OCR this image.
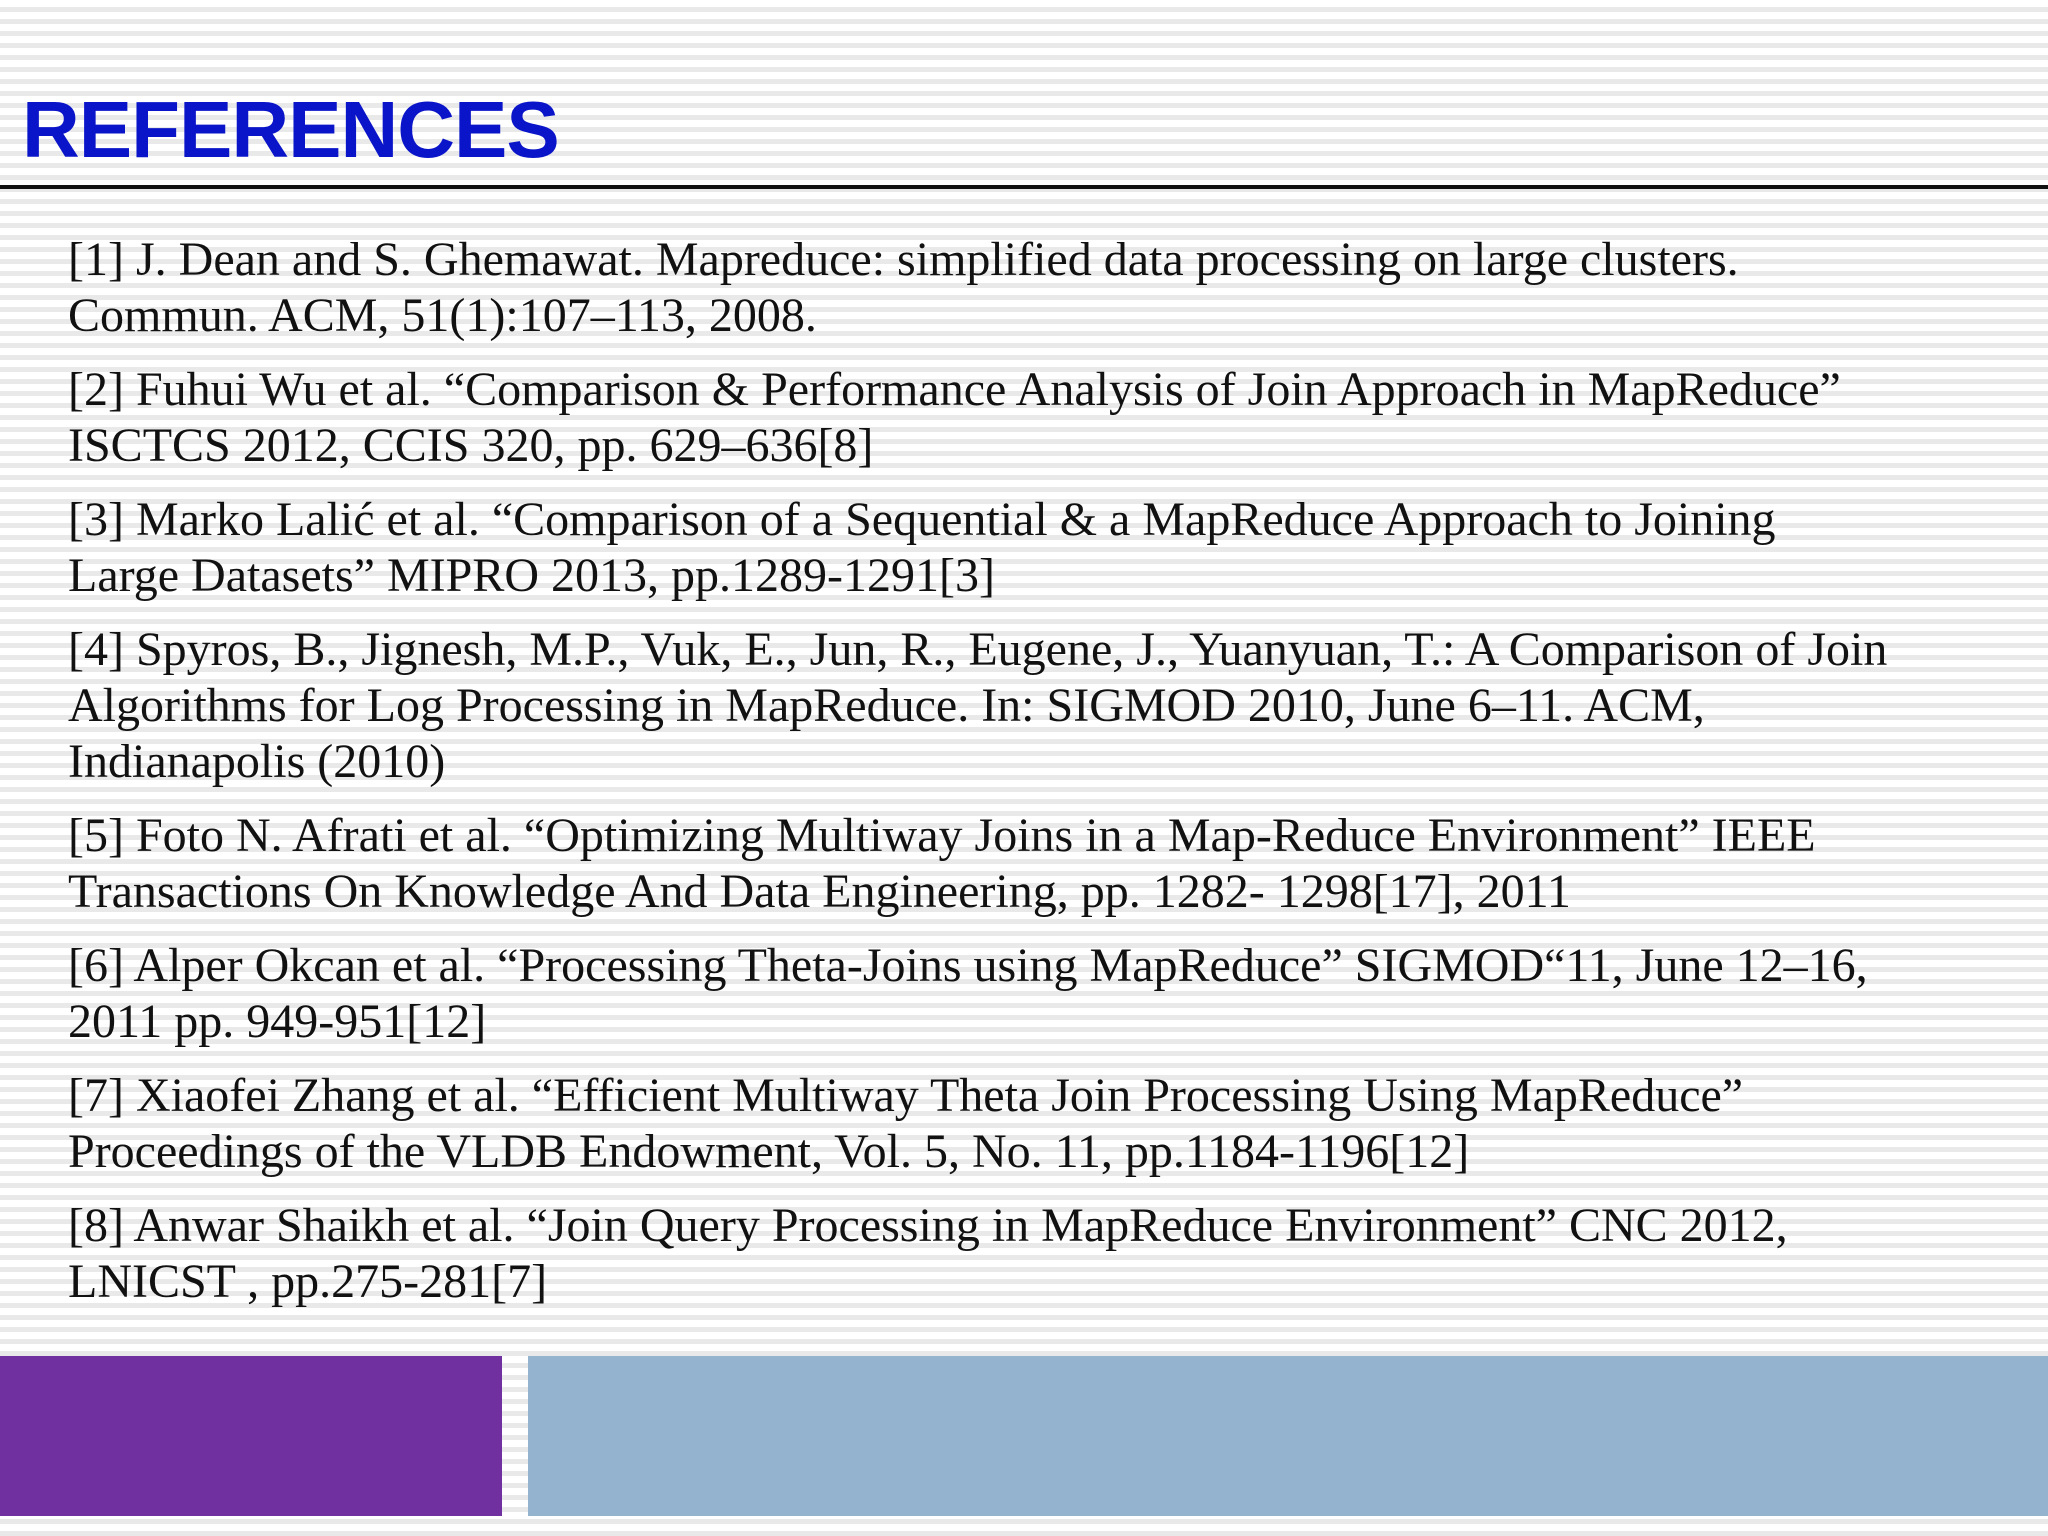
REFERENCES
[1] J. Dean and S. Ghemawat. Mapreduce: simplified data processing on large clusters.
Commun. ACM, 51(1):107–113, 2008.
[2] Fuhui Wu et al. “Comparison & Performance Analysis of Join Approach in MapReduce”
ISCTCS 2012, CCIS 320, pp. 629–636[8]
[3] Marko Lalić et al. “Comparison of a Sequential & a MapReduce Approach to Joining
Large Datasets” MIPRO 2013, pp.1289-1291[3]
[4] Spyros, B., Jignesh, M.P., Vuk, E., Jun, R., Eugene, J., Yuanyuan, T.: A Comparison of Join
Algorithms for Log Processing in MapReduce. In: SIGMOD 2010, June 6–11. ACM,
Indianapolis (2010)
[5] Foto N. Afrati et al. “Optimizing Multiway Joins in a Map-Reduce Environment” IEEE
Transactions On Knowledge And Data Engineering, pp. 1282- 1298[17], 2011
[6] Alper Okcan et al. “Processing Theta-Joins using MapReduce” SIGMOD“11, June 12–16,
2011 pp. 949-951[12]
[7] Xiaofei Zhang et al. “Efficient Multiway Theta Join Processing Using MapReduce”
Proceedings of the VLDB Endowment, Vol. 5, No. 11, pp.1184-1196[12]
[8] Anwar Shaikh et al. “Join Query Processing in MapReduce Environment” CNC 2012,
LNICST , pp.275-281[7]
